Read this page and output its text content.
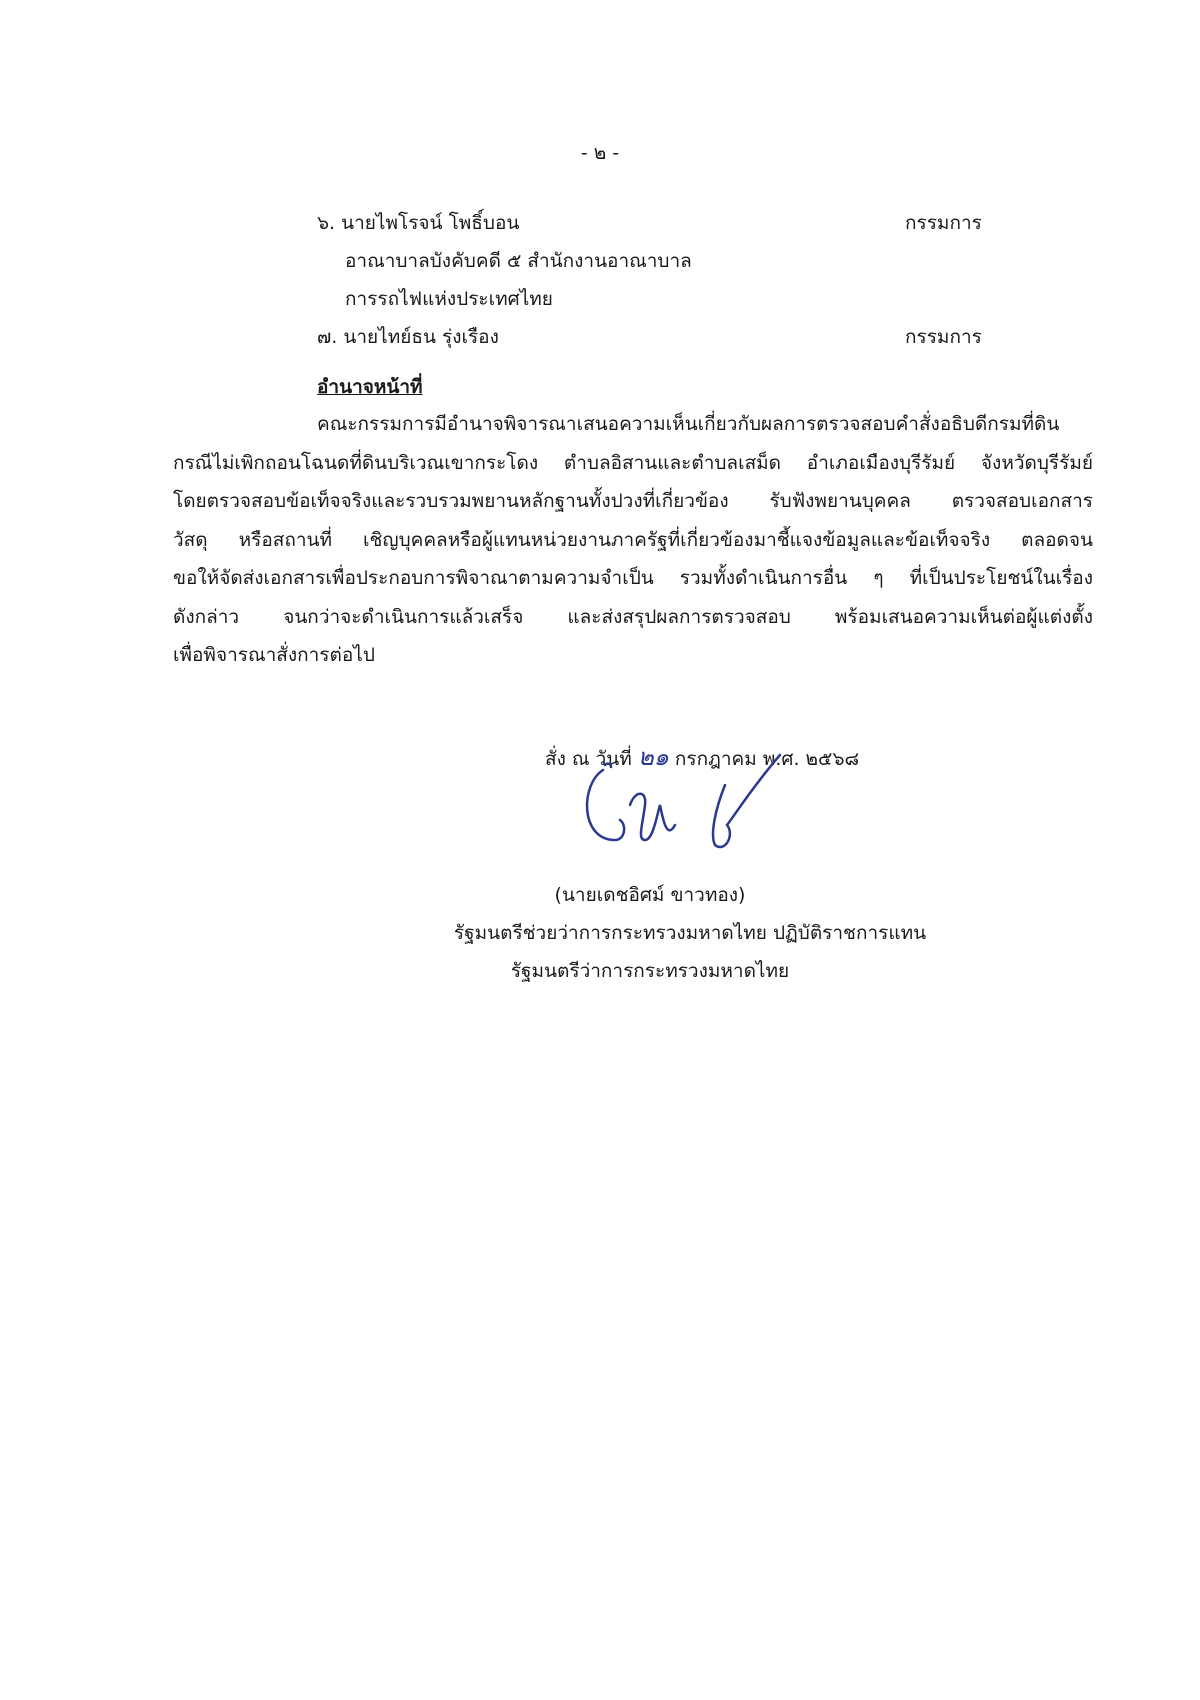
- ๒ -
๖. นายไพโรจน์ โพธิ์บอน	กรรมการ
อาณาบาลบังคับคดี ๕ สำนักงานอาณาบาล
การรถไฟแห่งประเทศไทย
๗. นายไทย์ธน รุ่งเรือง	กรรมการ
อำนาจหน้าที่

คณะกรรมการมีอำนาจพิจารณาเสนอความเห็นเกี่ยวกับผลการตรวจสอบคำสั่งอธิบดีกรมที่ดิน

กรณีไม่เพิกถอนโฉนดที่ดินบริเวณเขากระโดง ตำบลอิสานและตำบลเสม็ด อำเภอเมืองบุรีรัมย์ จังหวัดบุรีรัมย์

โดยตรวจสอบข้อเท็จจริงและรวบรวมพยานหลักฐานทั้งปวงที่เกี่ยวข้อง รับฟังพยานบุคคล ตรวจสอบเอกสาร

วัสดุ หรือสถานที่ เชิญบุคคลหรือผู้แทนหน่วยงานภาครัฐที่เกี่ยวข้องมาชี้แจงข้อมูลและข้อเท็จจริง ตลอดจน

ขอให้จัดส่งเอกสารเพื่อประกอบการพิจาณาตามความจำเป็น รวมทั้งดำเนินการอื่น ๆ ที่เป็นประโยชน์ในเรื่อง

ดังกล่าว จนกว่าจะดำเนินการแล้วเสร็จ และส่งสรุปผลการตรวจสอบ พร้อมเสนอความเห็นต่อผู้แต่งตั้ง

เพื่อพิจารณาสั่งการต่อไป

สั่ง ณ วันที่ ๒๑ กรกฎาคม พ.ศ. ๒๕๖๘
(นายเดชอิศม์ ขาวทอง)
รัฐมนตรีช่วยว่าการกระทรวงมหาดไทย ปฏิบัติราชการแทน
รัฐมนตรีว่าการกระทรวงมหาดไทย
